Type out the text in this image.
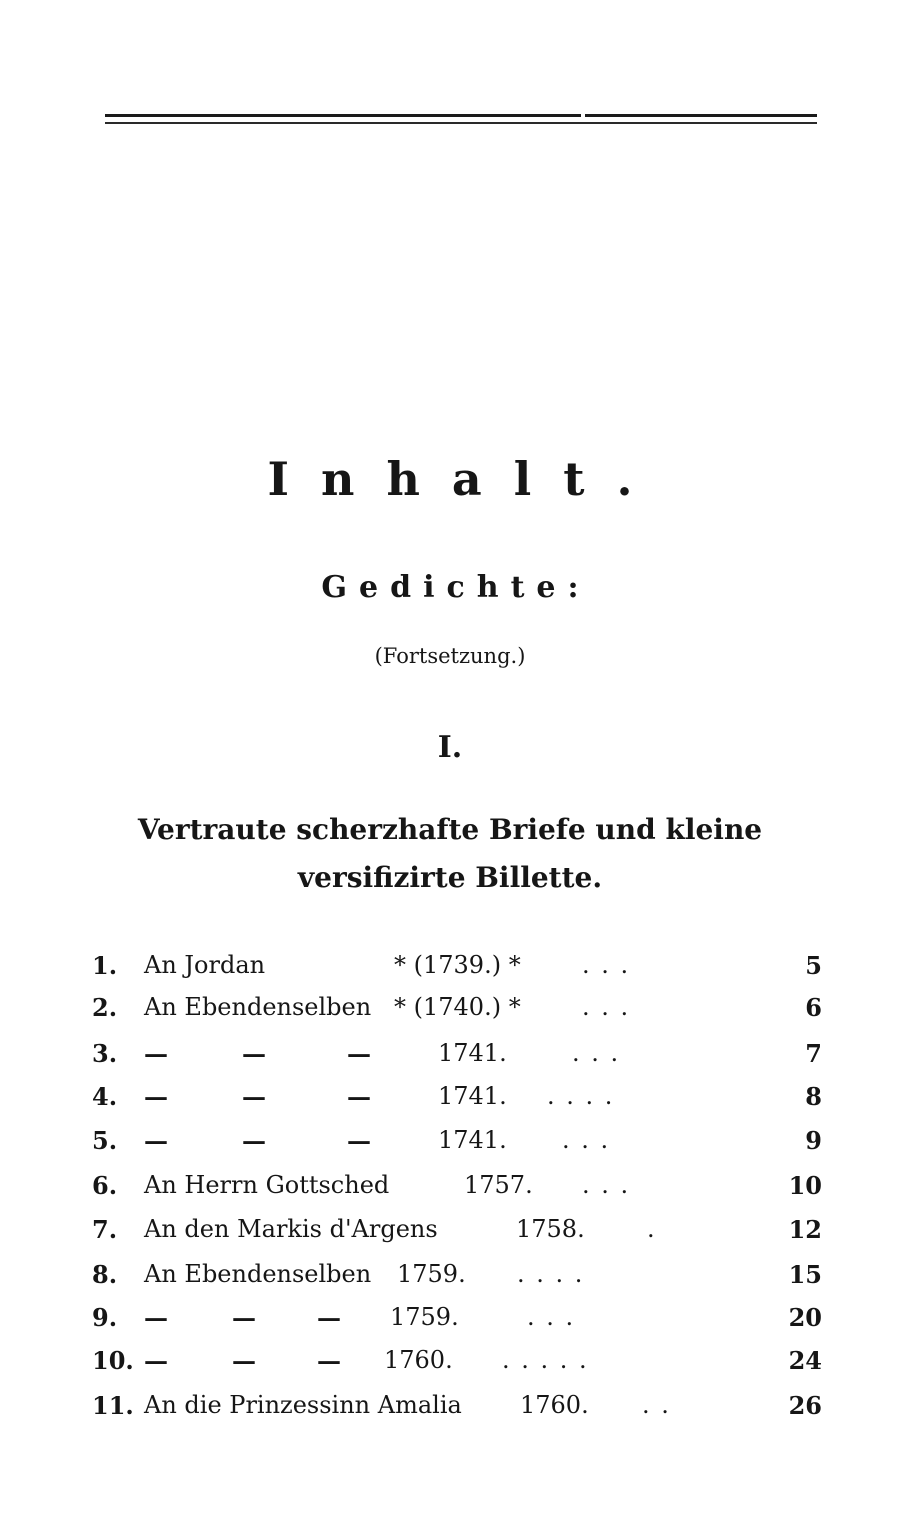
Inhalt.
Gedichte:
(Fortsetzung.)
I.
Vertraute scherzhafte Briefe und kleine
versifizirte Billette.
1. An Jordan	* (1739.) *	. . .	5
2. An Ebendenselben * (1740.) *	. . .	6
3. —	—	—	1741.	. . .	7
4. —	—	—	1741. . . . .	8
5. —	—	—	1741. . . .	9
6. An Herrn Gottsched	1757. . . .	10
7. An den Markis d'Argens	1758.	.	12
8. An Ebendenselben 1759. . . . .	15
9. —	—	— 1759.	. . .	20
10. —	—	— 1760. . . . . .	24
11. An die Prinzessinn Amalia 1760. . .	26
